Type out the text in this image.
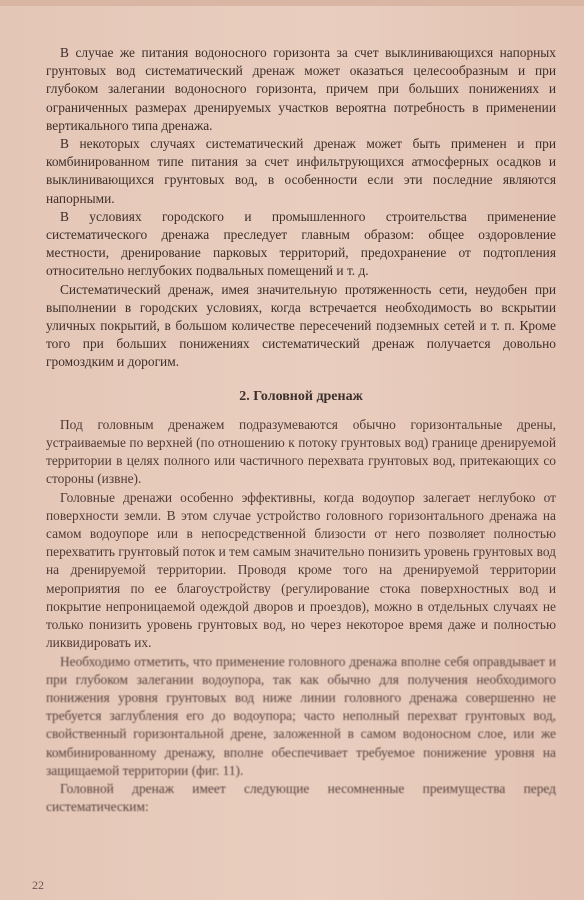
В случае же питания водоносного горизонта за счет выклинивающихся напорных грунтовых вод систематический дренаж может оказаться целесообразным и при глубоком залегании водоносного горизонта, причем при больших понижениях и ограниченных размерах дренируемых участков вероятна потребность в применении вертикального типа дренажа.

В некоторых случаях систематический дренаж может быть применен и при комбинированном типе питания за счет инфильтрующихся атмосферных осадков и выклинивающихся грунтовых вод, в особенности если эти последние являются напорными.

В условиях городского и промышленного строительства применение систематического дренажа преследует главным образом: общее оздоровление местности, дренирование парковых территорий, предохранение от подтопления относительно неглубоких подвальных помещений и т. д.

Систематический дренаж, имея значительную протяженность сети, неудобен при выполнении в городских условиях, когда встречается необходимость во вскрытии уличных покрытий, в большом количестве пересечений подземных сетей и т. п. Кроме того при больших понижениях систематический дренаж получается довольно громоздким и дорогим.

2. Головной дренаж

Под головным дренажем подразумеваются обычно горизонтальные дрены, устраиваемые по верхней (по отношению к потоку грунтовых вод) границе дренируемой территории в целях полного или частичного перехвата грунтовых вод, притекающих со стороны (извне).

Головные дренажи особенно эффективны, когда водоупор залегает неглубоко от поверхности земли. В этом случае устройство головного горизонтального дренажа на самом водоупоре или в непосредственной близости от него позволяет полностью перехватить грунтовый поток и тем самым значительно понизить уровень грунтовых вод на дренируемой территории. Проводя кроме того на дренируемой территории мероприятия по ее благоустройству (регулирование стока поверхностных вод и покрытие непроницаемой одеждой дворов и проездов), можно в отдельных случаях не только понизить уровень грунтовых вод, но через некоторое время даже и полностью ликвидировать их.

Необходимо отметить, что применение головного дренажа вполне себя оправдывает и при глубоком залегании водоупора, так как обычно для получения необходимого понижения уровня грунтовых вод ниже линии головного дренажа совершенно не требуется заглубления его до водоупора; часто неполный перехват грунтовых вод, свойственный горизонтальной дрене, заложенной в самом водоносном слое, или же комбинированному дренажу, вполне обеспечивает требуемое понижение уровня на защищаемой территории (фиг. 11).

Головной дренаж имеет следующие несомненные преимущества перед систематическим:

22
